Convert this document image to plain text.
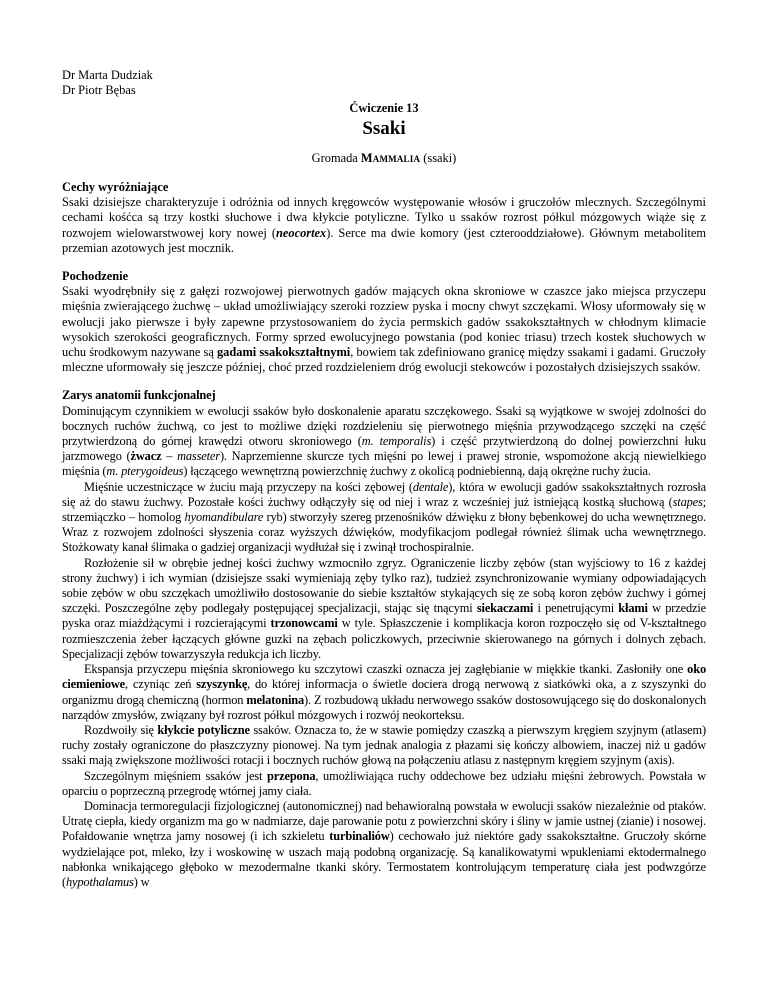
Dr Marta Dudziak
Dr Piotr Bębas
Ćwiczenie 13
Ssaki
Gromada Mammalia (ssaki)
Cechy wyróżniające

Ssaki dzisiejsze charakteryzuje i odróżnia od innych kręgowców występowanie włosów i gruczołów mlecznych. Szczególnymi cechami kośćca są trzy kostki słuchowe i dwa kłykcie potyliczne. Tylko u ssaków rozrost półkul mózgowych wiąże się z rozwojem wielowarstwowej kory nowej (neocortex). Serce ma dwie komory (jest czterooddziałowe). Głównym metabolitem przemian azotowych jest mocznik.

Pochodzenie

Ssaki wyodrębniły się z gałęzi rozwojowej pierwotnych gadów mających okna skroniowe w czaszce jako miejsca przyczepu mięśnia zwierającego żuchwę – układ umożliwiający szeroki rozziew pyska i mocny chwyt szczękami. Włosy uformowały się w ewolucji jako pierwsze i były zapewne przystosowaniem do życia permskich gadów ssakokształtnych w chłodnym klimacie wysokich szerokości geograficznych. Formy sprzed ewolucyjnego powstania (pod koniec triasu) trzech kostek słuchowych w uchu środkowym nazywane są gadami ssakokształtnymi, bowiem tak zdefiniowano granicę między ssakami i gadami. Gruczoły mleczne uformowały się jeszcze później, choć przed rozdzieleniem dróg ewolucji stekowców i pozostałych dzisiejszych ssaków.

Zarys anatomii funkcjonalnej

Dominującym czynnikiem w ewolucji ssaków było doskonalenie aparatu szczękowego. Ssaki są wyjątkowe w swojej zdolności do bocznych ruchów żuchwą, co jest to możliwe dzięki rozdzieleniu się pierwotnego mięśnia przywodzącego szczęki na część przytwierdzoną do górnej krawędzi otworu skroniowego (m. temporalis) i część przytwierdzoną do dolnej powierzchni łuku jarzmowego (żwacz – masseter). Naprzemienne skurcze tych mięśni po lewej i prawej stronie, wspomożone akcją niewielkiego mięśnia (m. pterygoideus) łączącego wewnętrzną powierzchnię żuchwy z okolicą podniebienną, dają okrężne ruchy żucia.

Mięśnie uczestniczące w żuciu mają przyczepy na kości zębowej (dentale), która w ewolucji gadów ssakokształtnych rozrosła się aż do stawu żuchwy. Pozostałe kości żuchwy odłączyły się od niej i wraz z wcześniej już istniejącą kostką słuchową (stapes; strzemiączko – homolog hyomandibulare ryb) stworzyły szereg przenośników dźwięku z błony bębenkowej do ucha wewnętrznego. Wraz z rozwojem zdolności słyszenia coraz wyższych dźwięków, modyfikacjom podlegał również ślimak ucha wewnętrznego. Stożkowaty kanał ślimaka o gadziej organizacji wydłużał się i zwinął trochospiralnie.

Rozłożenie sił w obrębie jednej kości żuchwy wzmocniło zgryz. Ograniczenie liczby zębów (stan wyjściowy to 16 z każdej strony żuchwy) i ich wymian (dzisiejsze ssaki wymieniają zęby tylko raz), tudzież zsynchronizowanie wymiany odpowiadających sobie zębów w obu szczękach umożliwiło dostosowanie do siebie kształtów stykających się ze sobą koron zębów żuchwy i górnej szczęki. Poszczególne zęby podlegały postępującej specjalizacji, stając się tnącymi siekaczami i penetrującymi kłami w przedzie pyska oraz miażdżącymi i rozcierającymi trzonowcami w tyle. Spłaszczenie i komplikacja koron rozpoczęło się od V-kształtnego rozmieszczenia żeber łączących główne guzki na zębach policzkowych, przeciwnie skierowanego na górnych i dolnych zębach. Specjalizacji zębów towarzyszyła redukcja ich liczby.

Ekspansja przyczepu mięśnia skroniowego ku szczytowi czaszki oznacza jej zagłębianie w miękkie tkanki. Zasłoniły one oko ciemieniowe, czyniąc zeń szyszynkę, do której informacja o świetle dociera drogą nerwową z siatkówki oka, a z szyszynki do organizmu drogą chemiczną (hormon melatonina). Z rozbudową układu nerwowego ssaków dostosowującego się do doskonalonych narządów zmysłów, związany był rozrost półkul mózgowych i rozwój neokorteksu.

Rozdwoiły się kłykcie potyliczne ssaków. Oznacza to, że w stawie pomiędzy czaszką a pierwszym kręgiem szyjnym (atlasem) ruchy zostały ograniczone do płaszczyzny pionowej. Na tym jednak analogia z płazami się kończy albowiem, inaczej niż u gadów ssaki mają zwiększone możliwości rotacji i bocznych ruchów głową na połączeniu atlasu z następnym kręgiem szyjnym (axis).

Szczególnym mięśniem ssaków jest przepona, umożliwiająca ruchy oddechowe bez udziału mięśni żebrowych. Powstała w oparciu o poprzeczną przegrodę wtórnej jamy ciała.

Dominacja termoregulacji fizjologicznej (autonomicznej) nad behawioralną powstała w ewolucji ssaków niezależnie od ptaków. Utratę ciepła, kiedy organizm ma go w nadmiarze, daje parowanie potu z powierzchni skóry i śliny w jamie ustnej (zianie) i nosowej. Pofałdowanie wnętrza jamy nosowej (i ich szkieletu turbinaliów) cechowało już niektóre gady ssakokształtne. Gruczoły skórne wydzielające pot, mleko, łzy i woskowinę w uszach mają podobną organizację. Są kanalikowatymi wpukleniami ektodermalnego nabłonka wnikającego głęboko w mezodermalne tkanki skóry. Termostatem kontrolującym temperaturę ciała jest podwzgórze (hypothalamus) w
